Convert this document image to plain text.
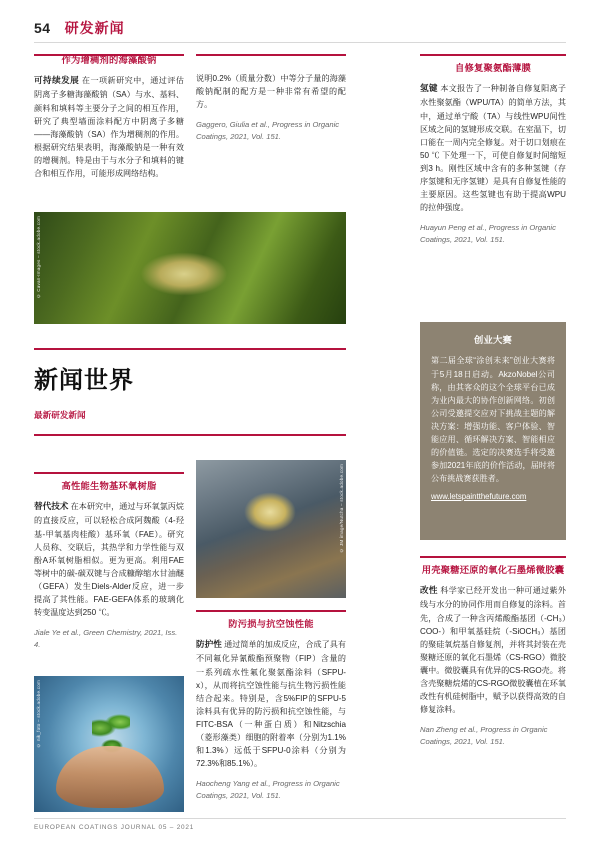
54 研发新闻
作为增稠剂的海藻酸钠

可持续发展 在一项新研究中，通过评估阴离子多糖海藻酸钠（SA）与水、基料、颜料和填料等主要分子之间的相互作用，研究了典型墙面涂料配方中阴离子多糖——海藻酸钠（SA）作为增稠剂的作用。根据研究结果表明，海藻酸钠是一种有效的增稠剂。特是由于与水分子和填料的键合和相互作用，可能形成网络结构。

说明0.2%（质量分数）中等分子量的海藻酸钠配制的配方是一种非常有希望的配方。

Gaggero, Giulia et al., Progress in Organic Coatings, 2021, Vol. 151.
© Cavan-Images – stock.adobe.com
新闻世界
最新研发新闻
高性能生物基环氧树脂

替代技术 在本研究中，通过与环氧氯丙烷的直接反应，可以轻松合成阿魏酸（4-羟基-甲氧基肉桂酸）基环氧（FAE）。研究人员称、交联后，其热学和力学性能与双酚A环氧树脂相似。更为更高。利用FAE等树中的碳-碳双键与合成糠醇缩水甘油醚（GEFA）发生Diels-Alder反应，进一步提高了其性能。FAE-GEFA体系的玻璃化转变温度达到250 ℃。

Jiale Ye et al., Green Chemistry, 2021, Iss. 4.
© nik_foto – stock.adobe.com
© JM image/Nutcha – stock.adobe.com
防污损与抗空蚀性能

防护性 通过简单的加成反应，合成了具有不同氟化异氰酸酯预聚物（FIP）含量的一系列疏水性氟化聚氨酯涂料（SFPU-x），从而将抗空蚀性能与抗生物污损性能结合起来。特别是，含5%FIP的SFPU-5涂料具有优异的防污损和抗空蚀性能，与FITC-BSA（一种蛋白质）和Nitzschia（菱形藻类）细胞的附着率（分别为1.1%和1.3%）远低于SFPU-0涂料（分别为72.3%和85.1%）。

Haocheng Yang et al., Progress in Organic Coatings, 2021, Vol. 151.
自修复聚氨酯薄膜

氢键 本文报告了一种制备自修复阳离子水性聚氨酯（WPU/TA）的简单方法，其中，通过单宁酸（TA）与线性WPU间性区域之间的氢键形成交联。在室温下，切口能在一周内完全修复。对于切口划痕在50 ℃ 下处理一下，可使自修复时间缩短到3 h。刚性区域中含有的多种氢键（存序氢键和无序氢键）是具有自修复性能的主要原因。这些氢键也有助于提高WPU的拉伸强度。

Huayun Peng et al., Progress in Organic Coatings, 2021, Vol. 151.
创业大赛

第二届全球“涂创未来”创业大赛将于5月18日启动。AkzoNobel公司称，由其客众的这个全球平台已成为业内最大的协作创新网络。初创公司受邀提交应对下挑战主题的解决方案：增强功能、客户体验、智能应用、循环解决方案、智能相应的价值链。选定的决赛选手将受邀参加2021年底的价作活动，届时将公布挑战赛获胜者。

www.letspaintthefuture.com
用壳聚糖还原的氧化石墨烯微胶囊

改性 科学家已经开发出一种可通过紫外线与水分的协同作用而自修复的涂料。首先，合成了一种含丙烯酸酯基团（-CH₃）COO-）和甲氧基硅烷（-SiOCH₃）基团的聚硅氧烷基自修复剂，并将其封装在壳聚糖还原的氧化石墨烯（CS-RGO）微胶囊中。微胶囊具有优异的CS-RGO壳。将含壳聚糖烷烯的CS-RGO微胶囊植在环氧改性有机硅树脂中，赋予以获得高效的自修复涂料。

Nan Zheng et al., Progress in Organic Coatings, 2021, Vol. 151.
EUROPEAN COATINGS JOURNAL 05 – 2021
